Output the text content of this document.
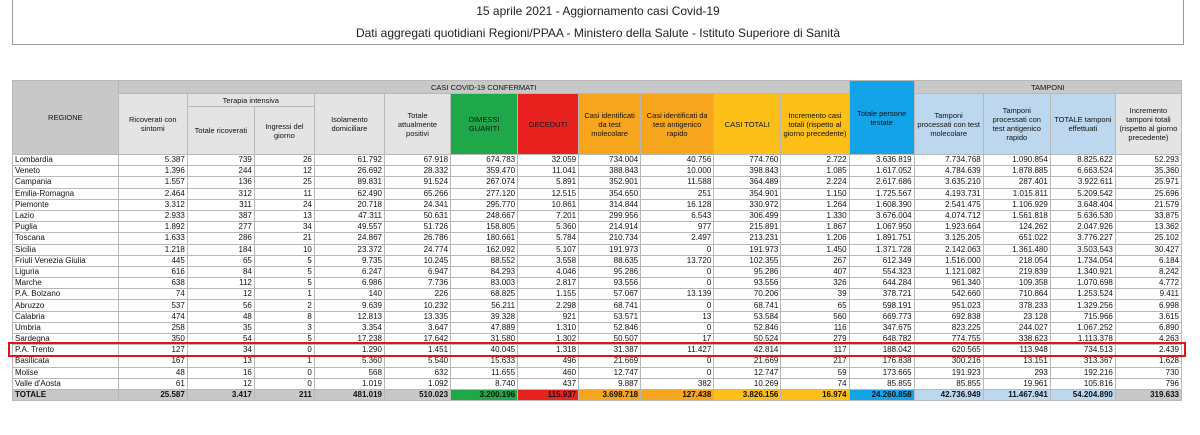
15 aprile 2021 - Aggiornamento casi Covid-19
Dati aggregati quotidiani Regioni/PPAA - Ministero della Salute - Istituto Superiore di Sanità
REGIONE	CASI COVID-19 CONFERMATI											Totale persone testate	TAMPONI			
	Ricoverati con sintomi	Terapia intensiva		Isolamento domiciliare	Totale attualmente positivi	DIMESSI GUARITI	DECEDUTI	Casi identificati da test molecolare	Casi identificati da test antigenico rapido	CASI TOTALI	Incremento casi totali (rispetto al giorno precedente)		Tamponi processati con test molecolare	Tamponi processati con test antigenico rapido	TOTALE tamponi effettuati	Incremento tamponi totali (rispetto al giorno precedente)
		Totale ricoverati	Ingressi del giorno													
Lombardia	5.387	739	26	61.792	67.918	674.783	32.059	734.004	40.756	774.760	2.722	3.636.819	7.734.768	1.090.854	8.825.622	52.293
Veneto	1.396	244	12	26.692	28.332	359.470	11.041	388.843	10.000	398.843	1.085	1.617.052	4.784.639	1.878.885	6.663.524	35.360
Campania	1.557	136	25	89.831	91.524	267.074	5.891	352.901	11.588	364.489	2.224	2.617.686	3.635.210	287.401	3.922.611	25.971
Emilia-Romagna	2.464	312	11	62.490	65.266	277.120	12.515	354.650	251	354.901	1.150	1.725.567	4.193.731	1.015.811	5.209.542	25.696
Piemonte	3.312	311	24	20.718	24.341	295.770	10.861	314.844	16.128	330.972	1.264	1.608.390	2.541.475	1.106.929	3.648.404	21.579
Lazio	2.933	387	13	47.311	50.631	248.667	7.201	299.956	6.543	306.499	1.330	3.676.004	4.074.712	1.561.818	5.636.530	33.875
Puglia	1.892	277	34	49.557	51.726	158.805	5.360	214.914	977	215.891	1.867	1.067.950	1.923.664	124.262	2.047.926	13.362
Toscana	1.633	286	21	24.867	26.786	180.661	5.784	210.734	2.497	213.231	1.206	1.891.751	3.125.205	651.022	3.776.227	25.102
Sicilia	1.218	184	10	23.372	24.774	162.092	5.107	191.973	0	191.973	1.450	1.371.728	2.142.063	1.361.480	3.503.543	30.427
Friuli Venezia Giulia	445	65	5	9.735	10.245	88.552	3.558	88.635	13.720	102.355	267	612.349	1.516.000	218.054	1.734.054	6.184
Liguria	616	84	5	6.247	6.947	84.293	4.046	95.286	0	95.286	407	554.323	1.121.082	219.839	1.340.921	8.242
Marche	638	112	5	6.986	7.736	83.003	2.817	93.556	0	93.556	326	644.284	961.340	109.358	1.070.698	4.772
P.A. Bolzano	74	12	1	140	226	68.825	1.155	57.067	13.139	70.206	39	378.721	542.660	710.864	1.253.524	9.411
Abruzzo	537	56	2	9.639	10.232	56.211	2.298	68.741	0	68.741	65	598.191	951.023	378.233	1.329.256	6.998
Calabria	474	48	8	12.813	13.335	39.328	921	53.571	13	53.584	560	669.773	692.838	23.128	715.966	3.615
Umbria	258	35	3	3.354	3.647	47.889	1.310	52.846	0	52.846	116	347.675	823.225	244.027	1.067.252	6.890
Sardegna	350	54	5	17.238	17.642	31.580	1.302	50.507	17	50.524	279	648.782	774.755	338.623	1.113.378	4.263
P.A. Trento	127	34	0	1.290	1.451	40.045	1.318	31.387	11.427	42.814	117	188.042	620.565	113.948	734.513	2.439
Basilicata	167	13	1	5.360	5.540	15.633	496	21.669	0	21.669	217	176.838	300.216	13.151	313.367	1.628
Molise	48	16	0	568	632	11.655	460	12.747	0	12.747	59	173.665	191.923	293	192.216	730
Valle d'Aosta	61	12	0	1.019	1.092	8.740	437	9.887	382	10.269	74	85.855	85.855	19.961	105.816	796
TOTALE	25.587	3.417	211	481.019	510.023	3.200.196	115.937	3.698.718	127.438	3.826.156	16.974	24.260.858	42.736.949	11.467.941	54.204.890	319.633
